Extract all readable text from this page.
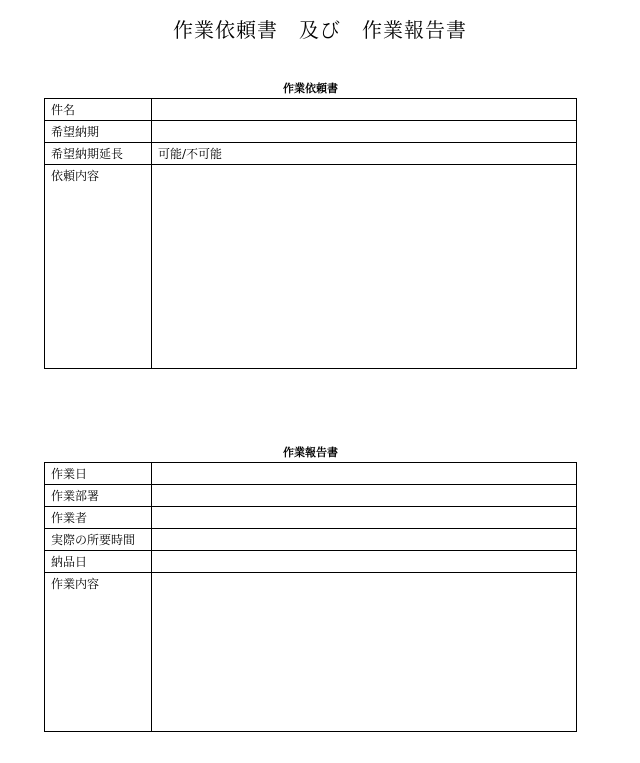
作業依頼書　及び　作業報告書
作業依頼書
件名	
希望納期	
希望納期延長	可能/不可能
依頼内容	
作業報告書
作業日	
作業部署	
作業者	
実際の所要時間	
納品日	
作業内容	
